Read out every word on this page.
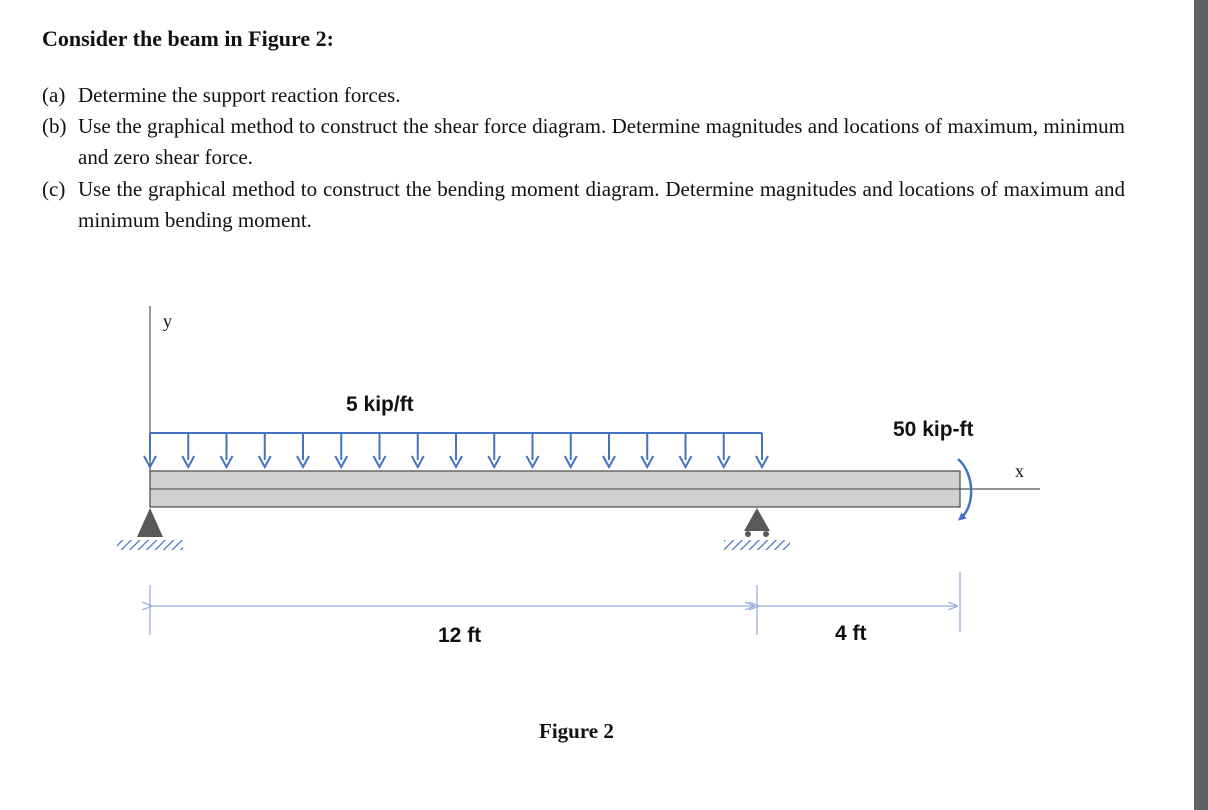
Consider the beam in Figure 2:
(a) Determine the support reaction forces.
(b) Use the graphical method to construct the shear force diagram. Determine magnitudes and locations of maximum, minimum and zero shear force.
(c) Use the graphical method to construct the bending moment diagram. Determine magnitudes and locations of maximum and minimum bending moment.
y
x
5 kip/ft
50 kip-ft
12 ft	4 ft
Figure 2
